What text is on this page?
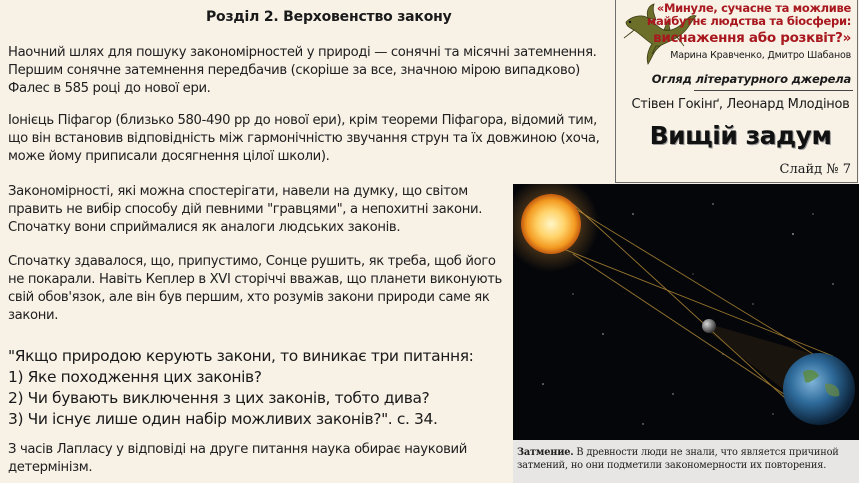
Розділ 2. Верховенство закону

Наочний шлях для пошуку закономірностей у природі — сонячні та місячні затемнення. Першим сонячне затемнення передбачив (скоріше за все, значною мірою випадково) Фалес в 585 році до нової ери.

Іонієць Піфагор (близько 580-490 рр до нової ери), крім теореми Піфагора, відомий тим, що він встановив відповідність між гармонічністю звучання струн та їх довжиною (хоча, може йому приписали досягнення цілої школи).

Закономірності, які можна спостерігати, навели на думку, що світом править не вибір способу дій певними "гравцями", а непохитні закони. Спочатку вони сприймалися як аналоги людських законів.

Спочатку здавалося, що, припустимо, Сонце рушить, як треба, щоб його не покарали. Навіть Кеплер в XVI сторіччі вважав, що планети виконують свій обов'язок, але він був першим, хто розумів закони природи саме як закони.

"Якщо природою керують закони, то виникає три питання:
1) Яке походження цих законів?
2) Чи бувають виключення з цих законів, тобто дива?
3) Чи існує лише один набір можливих законів?". с. 34.

З часів Лапласу у відповіді на друге питання наука обирає науковий детермінізм.

«Минуле, сучасне та можливе
майбутнє людства та біосфери:
виснаження або розквіт?»
Марина Кравченко, Дмитро Шабанов
Огляд літературного джерела
Стівен Гокінґ, Леонард Млодінов
Вищій задум
Слайд № 7
Затмение. В древности люди не знали, что является причиной затмений, но они подметили закономерности их повторения.
